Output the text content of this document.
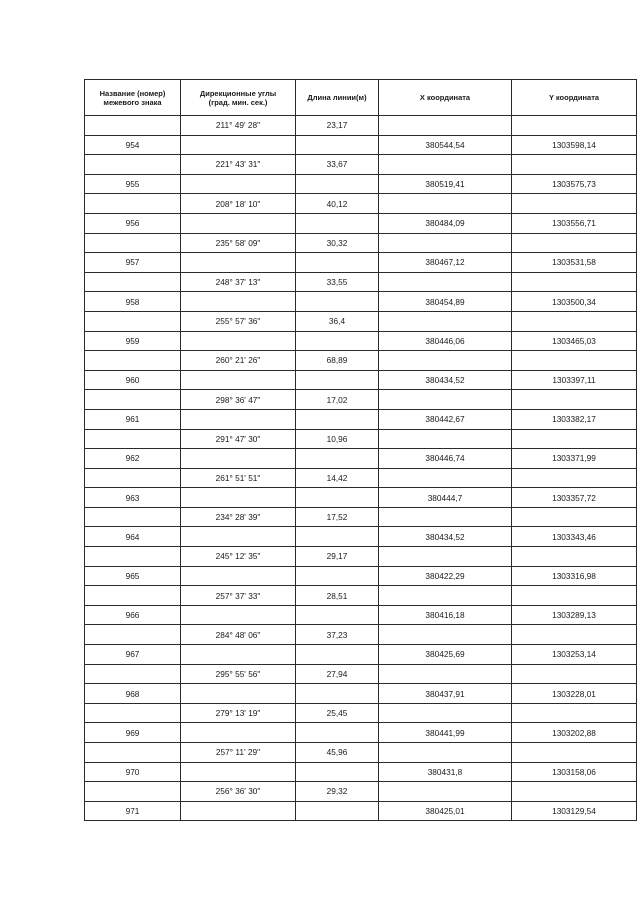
Название (номер)
межевого знака	Дирекционные углы
(град. мин. сек.)	Длина линии(м)	X координата	Y координата
	211° 49' 28"	23,17		
954			380544,54	1303598,14
	221° 43' 31"	33,67		
955			380519,41	1303575,73
	208° 18' 10"	40,12		
956			380484,09	1303556,71
	235° 58' 09"	30,32		
957			380467,12	1303531,58
	248° 37' 13"	33,55		
958			380454,89	1303500,34
	255° 57' 36"	36,4		
959			380446,06	1303465,03
	260° 21' 26"	68,89		
960			380434,52	1303397,11
	298° 36' 47"	17,02		
961			380442,67	1303382,17
	291° 47' 30"	10,96		
962			380446,74	1303371,99
	261° 51' 51"	14,42		
963			380444,7	1303357,72
	234° 28' 39"	17,52		
964			380434,52	1303343,46
	245° 12' 35"	29,17		
965			380422,29	1303316,98
	257° 37' 33"	28,51		
966			380416,18	1303289,13
	284° 48' 06"	37,23		
967			380425,69	1303253,14
	295° 55' 56"	27,94		
968			380437,91	1303228,01
	279° 13' 19"	25,45		
969			380441,99	1303202,88
	257° 11' 29"	45,96		
970			380431,8	1303158,06
	256° 36' 30"	29,32		
971			380425,01	1303129,54
